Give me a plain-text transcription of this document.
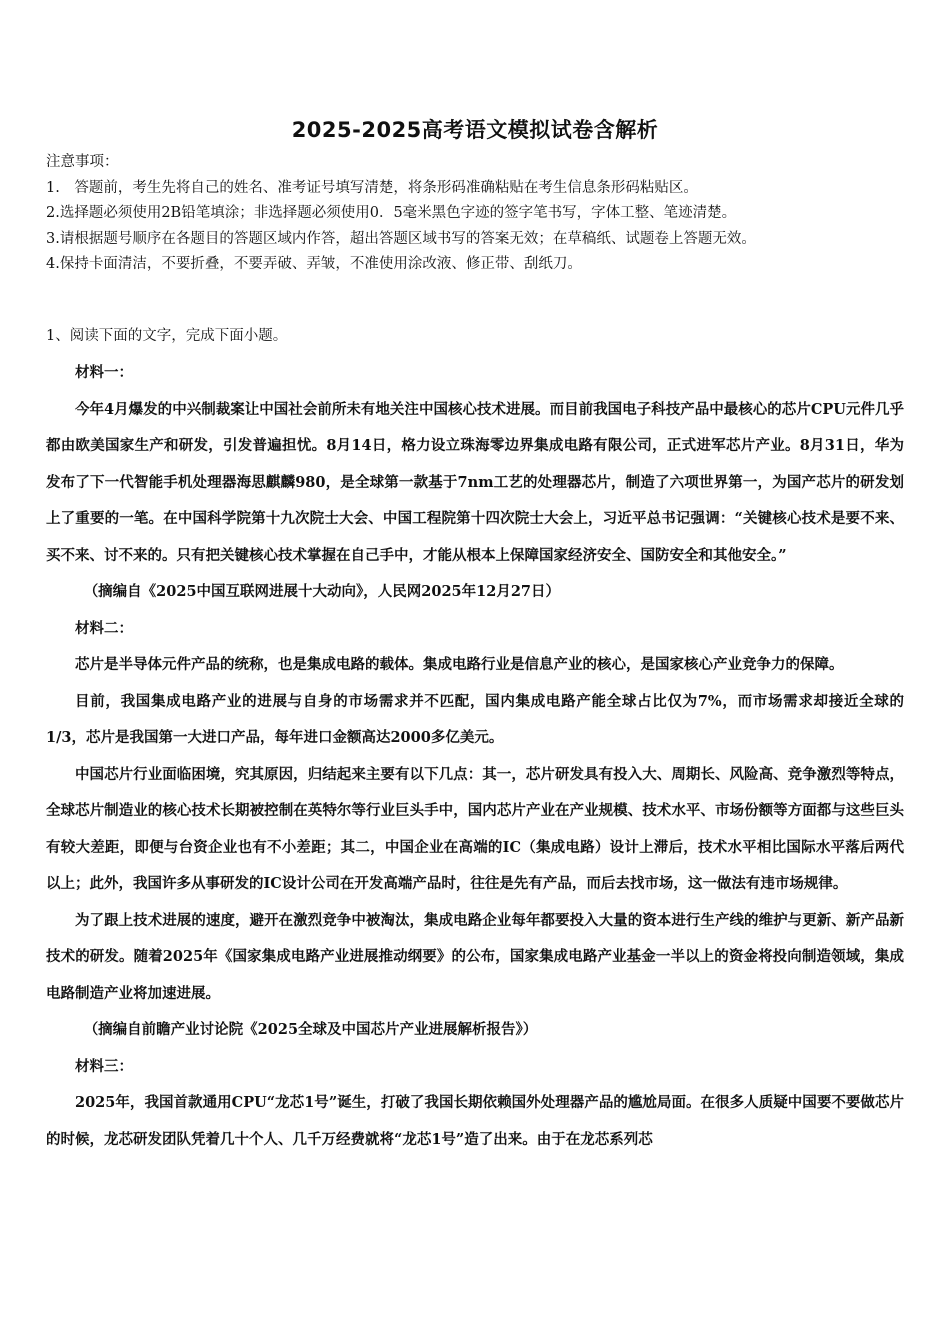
2025-2025高考语文模拟试卷含解析
注意事项：
1.　答题前，考生先将自己的姓名、准考证号填写清楚，将条形码准确粘贴在考生信息条形码粘贴区。
2.选择题必须使用2B铅笔填涂；非选择题必须使用0．5毫米黑色字迹的签字笔书写，字体工整、笔迹清楚。
3.请根据题号顺序在各题目的答题区域内作答，超出答题区域书写的答案无效；在草稿纸、试题卷上答题无效。
4.保持卡面清洁，不要折叠，不要弄破、弄皱，不准使用涂改液、修正带、刮纸刀。
1、阅读下面的文字，完成下面小题。

材料一：

今年4月爆发的中兴制裁案让中国社会前所未有地关注中国核心技术进展。而目前我国电子科技产品中最核心的芯片CPU元件几乎都由欧美国家生产和研发，引发普遍担忧。8月14日，格力设立珠海零边界集成电路有限公司，正式进军芯片产业。8月31日，华为发布了下一代智能手机处理器海思麒麟980，是全球第一款基于7nm工艺的处理器芯片，制造了六项世界第一，为国产芯片的研发划上了重要的一笔。在中国科学院第十九次院士大会、中国工程院第十四次院士大会上，习近平总书记强调：“关键核心技术是要不来、买不来、讨不来的。只有把关键核心技术掌握在自己手中，才能从根本上保障国家经济安全、国防安全和其他安全。”

（摘编自《2025中国互联网进展十大动向》，人民网2025年12月27日）

材料二：

芯片是半导体元件产品的统称，也是集成电路的载体。集成电路行业是信息产业的核心，是国家核心产业竞争力的保障。

目前，我国集成电路产业的进展与自身的市场需求并不匹配，国内集成电路产能全球占比仅为7%，而市场需求却接近全球的1/3，芯片是我国第一大进口产品，每年进口金额高达2000多亿美元。

中国芯片行业面临困境，究其原因，归结起来主要有以下几点：其一，芯片研发具有投入大、周期长、风险高、竞争激烈等特点，全球芯片制造业的核心技术长期被控制在英特尔等行业巨头手中，国内芯片产业在产业规模、技术水平、市场份额等方面都与这些巨头有较大差距，即便与台资企业也有不小差距；其二，中国企业在高端的IC（集成电路）设计上滞后，技术水平相比国际水平落后两代以上；此外，我国许多从事研发的IC设计公司在开发高端产品时，往往是先有产品，而后去找市场，这一做法有违市场规律。

为了跟上技术进展的速度，避开在激烈竞争中被淘汰，集成电路企业每年都要投入大量的资本进行生产线的维护与更新、新产品新技术的研发。随着2025年《国家集成电路产业进展推动纲要》的公布，国家集成电路产业基金一半以上的资金将投向制造领域，集成电路制造产业将加速进展。

（摘编自前瞻产业讨论院《2025全球及中国芯片产业进展解析报告》）

材料三：

2025年，我国首款通用CPU“龙芯1号”诞生，打破了我国长期依赖国外处理器产品的尴尬局面。在很多人质疑中国要不要做芯片的时候，龙芯研发团队凭着几十个人、几千万经费就将“龙芯1号”造了出来。由于在龙芯系列芯
